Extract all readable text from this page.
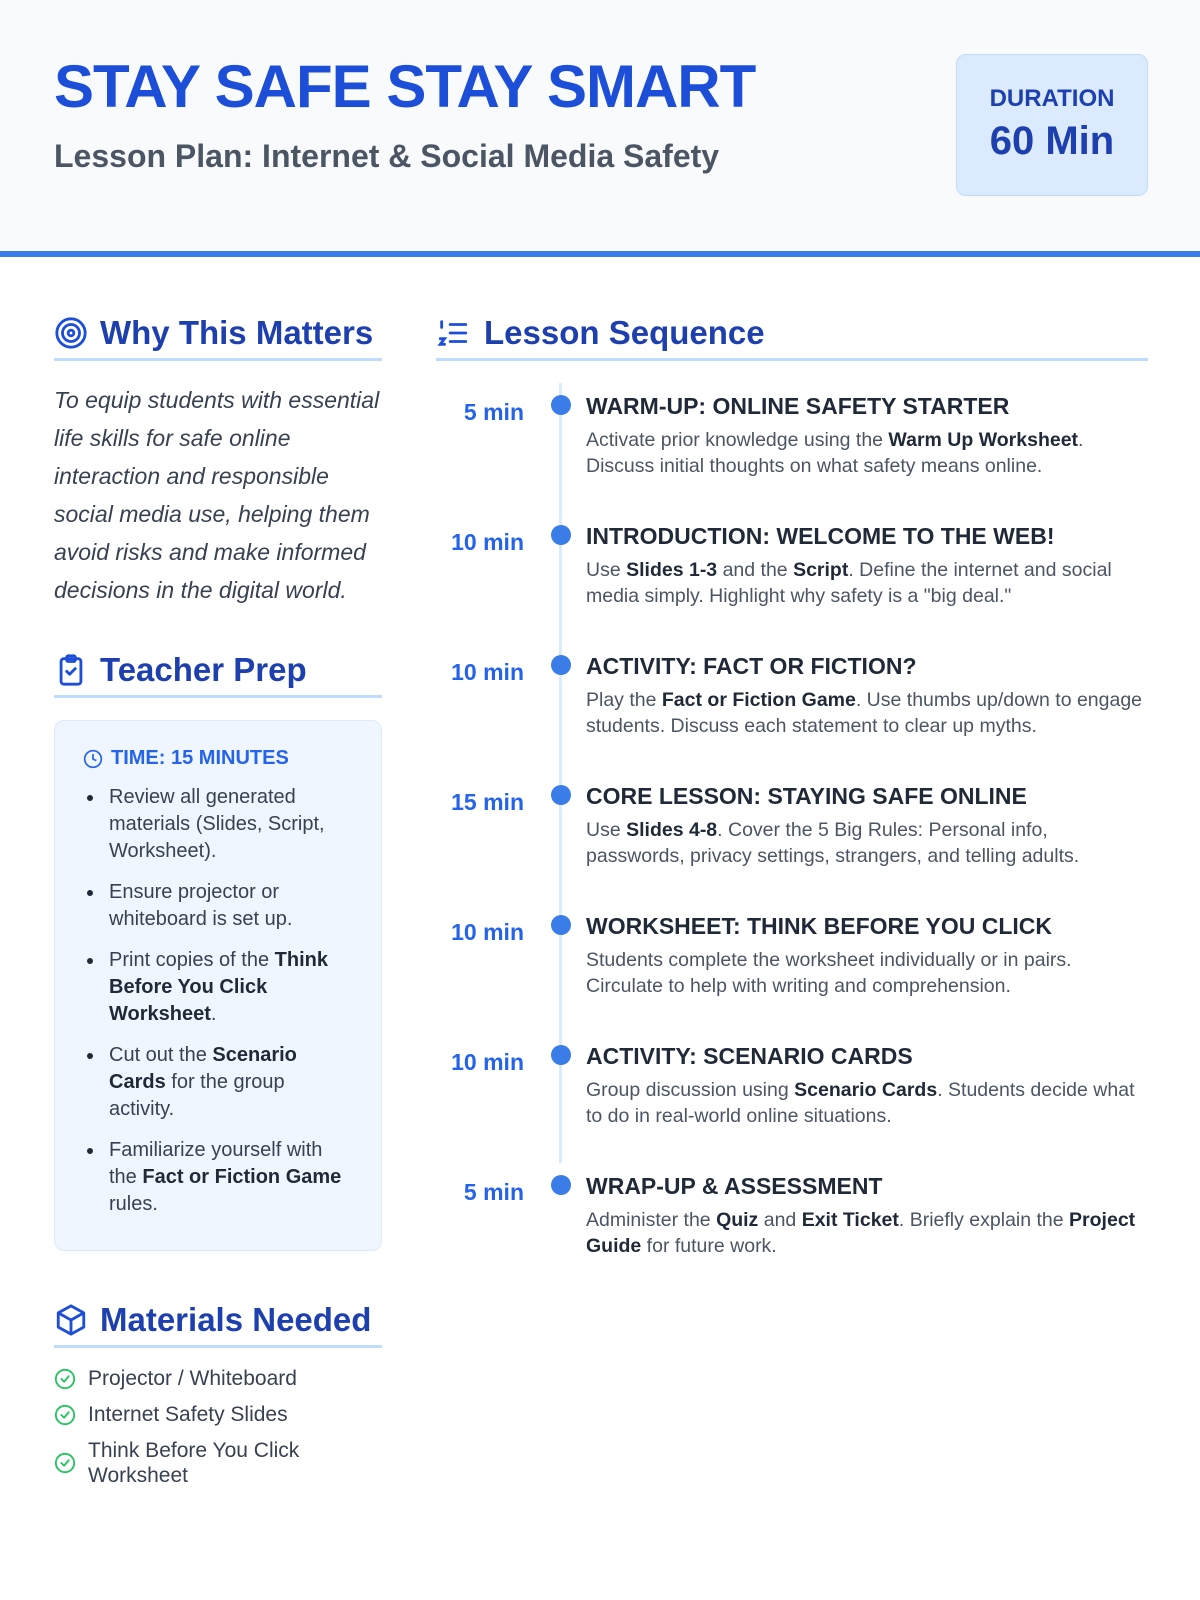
STAY SAFE STAY SMART
Lesson Plan: Internet & Social Media Safety
DURATION
60 Min
Why This Matters

To equip students with essential life skills for safe online interaction and responsible social media use, helping them avoid risks and make informed decisions in the digital world.

Teacher Prep
TIME: 15 MINUTES
Review all generated materials (Slides, Script, Worksheet).
Ensure projector or whiteboard is set up.
Print copies of the Think Before You Click Worksheet.
Cut out the Scenario Cards for the group activity.
Familiarize yourself with the Fact or Fiction Game rules.
Materials Needed
Projector / Whiteboard
Internet Safety Slides
Think Before You Click Worksheet
Lesson Sequence
5 min	WARM-UP: ONLINE SAFETY STARTER
Activate prior knowledge using the Warm Up Worksheet. Discuss initial thoughts on what safety means online.
10 min	INTRODUCTION: WELCOME TO THE WEB!
Use Slides 1-3 and the Script. Define the internet and social media simply. Highlight why safety is a "big deal."
10 min	ACTIVITY: FACT OR FICTION?
Play the Fact or Fiction Game. Use thumbs up/down to engage students. Discuss each statement to clear up myths.
15 min	CORE LESSON: STAYING SAFE ONLINE
Use Slides 4-8. Cover the 5 Big Rules: Personal info, passwords, privacy settings, strangers, and telling adults.
10 min	WORKSHEET: THINK BEFORE YOU CLICK
Students complete the worksheet individually or in pairs. Circulate to help with writing and comprehension.
10 min	ACTIVITY: SCENARIO CARDS
Group discussion using Scenario Cards. Students decide what to do in real-world online situations.
5 min	WRAP-UP & ASSESSMENT
Administer the Quiz and Exit Ticket. Briefly explain the Project Guide for future work.
